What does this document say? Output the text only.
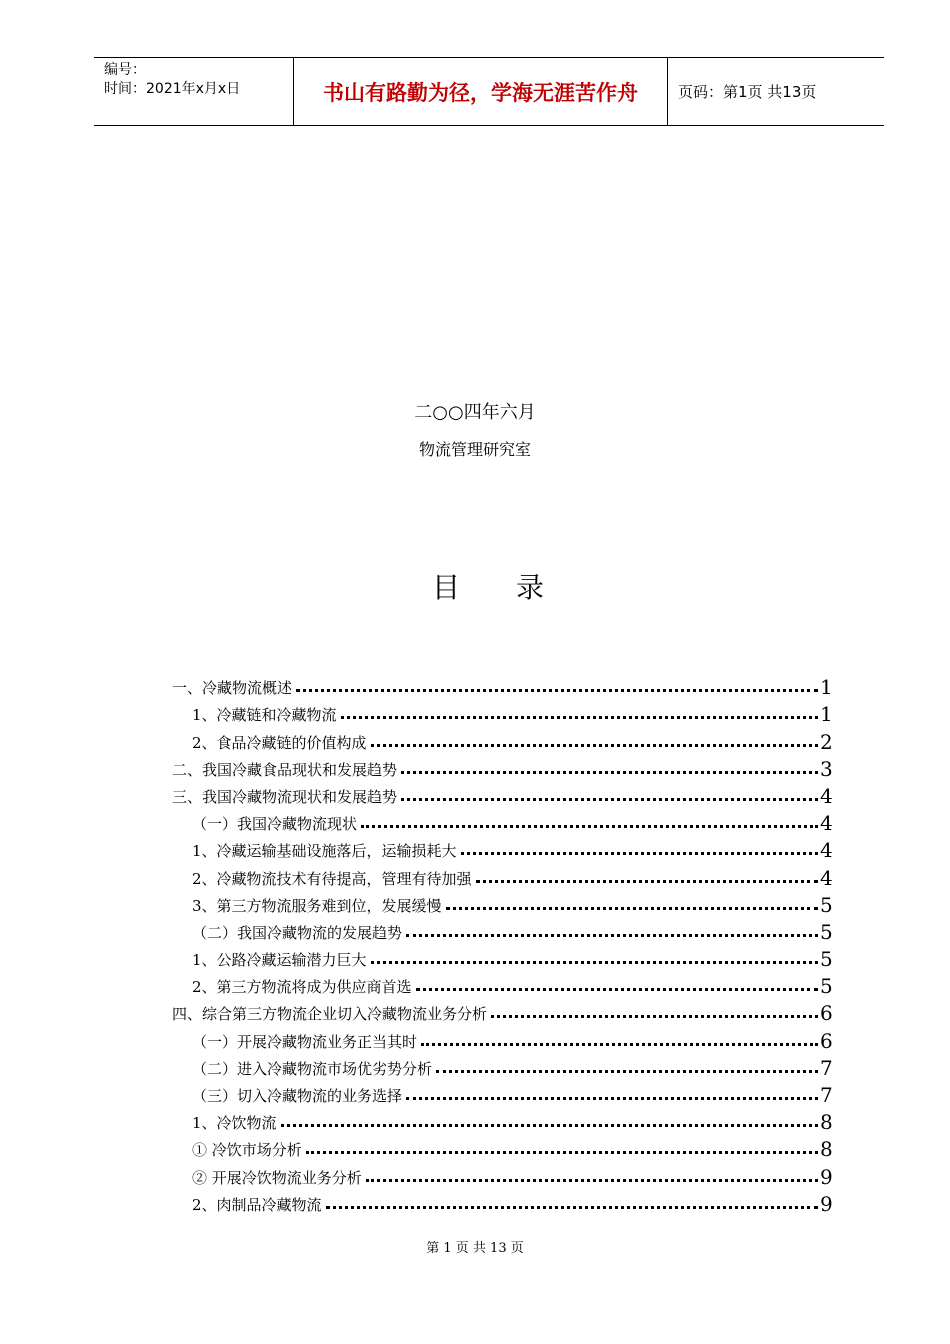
编号：
时间：2021年x月x日	书山有路勤为径，学海无涯苦作舟	页码：第1页 共13页
二○○四年六月
物流管理研究室
目 录
一、冷藏物流概述	1
1、冷藏链和冷藏物流	1
2、食品冷藏链的价值构成	2
二、我国冷藏食品现状和发展趋势	3
三、我国冷藏物流现状和发展趋势	4
（一）我国冷藏物流现状	4
1、冷藏运输基础设施落后，运输损耗大	4
2、冷藏物流技术有待提高，管理有待加强	4
3、第三方物流服务难到位，发展缓慢	5
（二）我国冷藏物流的发展趋势	5
1、公路冷藏运输潜力巨大	5
2、第三方物流将成为供应商首选	5
四、综合第三方物流企业切入冷藏物流业务分析	6
（一）开展冷藏物流业务正当其时	6
（二）进入冷藏物流市场优劣势分析	7
（三）切入冷藏物流的业务选择	7
1、冷饮物流	8
① 冷饮市场分析	8
② 开展冷饮物流业务分析	9
2、肉制品冷藏物流	9
第 1 页 共 13 页
